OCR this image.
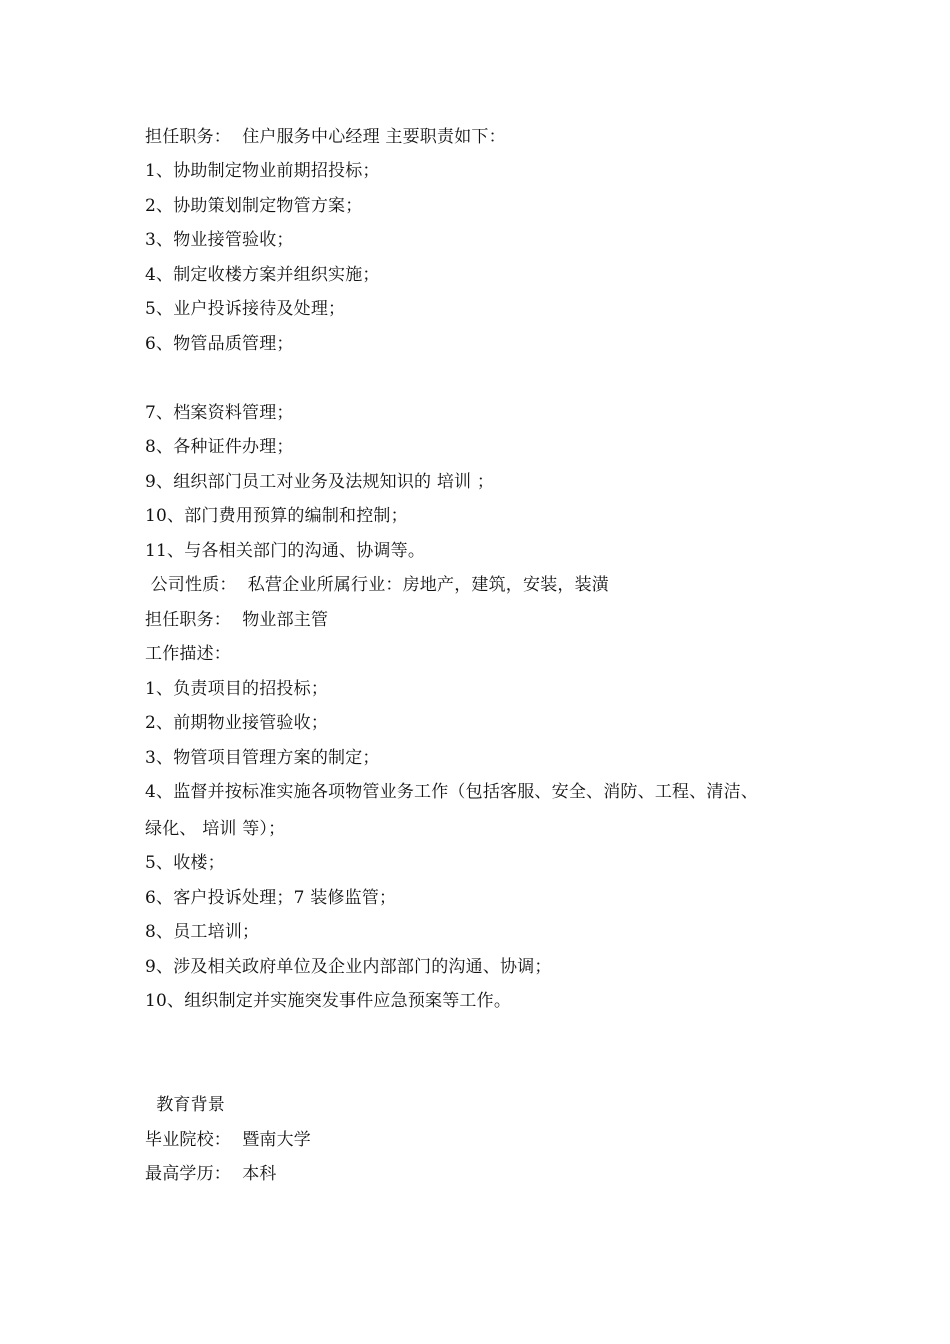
担任职务：  住户服务中心经理 主要职责如下：
1、协助制定物业前期招投标；
2、协助策划制定物管方案；
3、物业接管验收；
4、制定收楼方案并组织实施；
5、业户投诉接待及处理；
6、物管品质管理；
7、档案资料管理；
8、各种证件办理；
9、组织部门员工对业务及法规知识的 培训 ；
10、部门费用预算的编制和控制；
11、与各相关部门的沟通、协调等。
公司性质：  私营企业所属行业：房地产，建筑，安装，装潢
担任职务：  物业部主管
工作描述：
1、负责项目的招投标；
2、前期物业接管验收；
3、物管项目管理方案的制定；
4、监督并按标准实施各项物管业务工作（包括客服、安全、消防、工程、清洁、
绿化、 培训 等）；
5、收楼；
6、客户投诉处理；7 装修监管；
8、员工培训；
9、涉及相关政府单位及企业内部部门的沟通、协调；
10、组织制定并实施突发事件应急预案等工作。
教育背景
毕业院校：  暨南大学
最高学历：  本科
